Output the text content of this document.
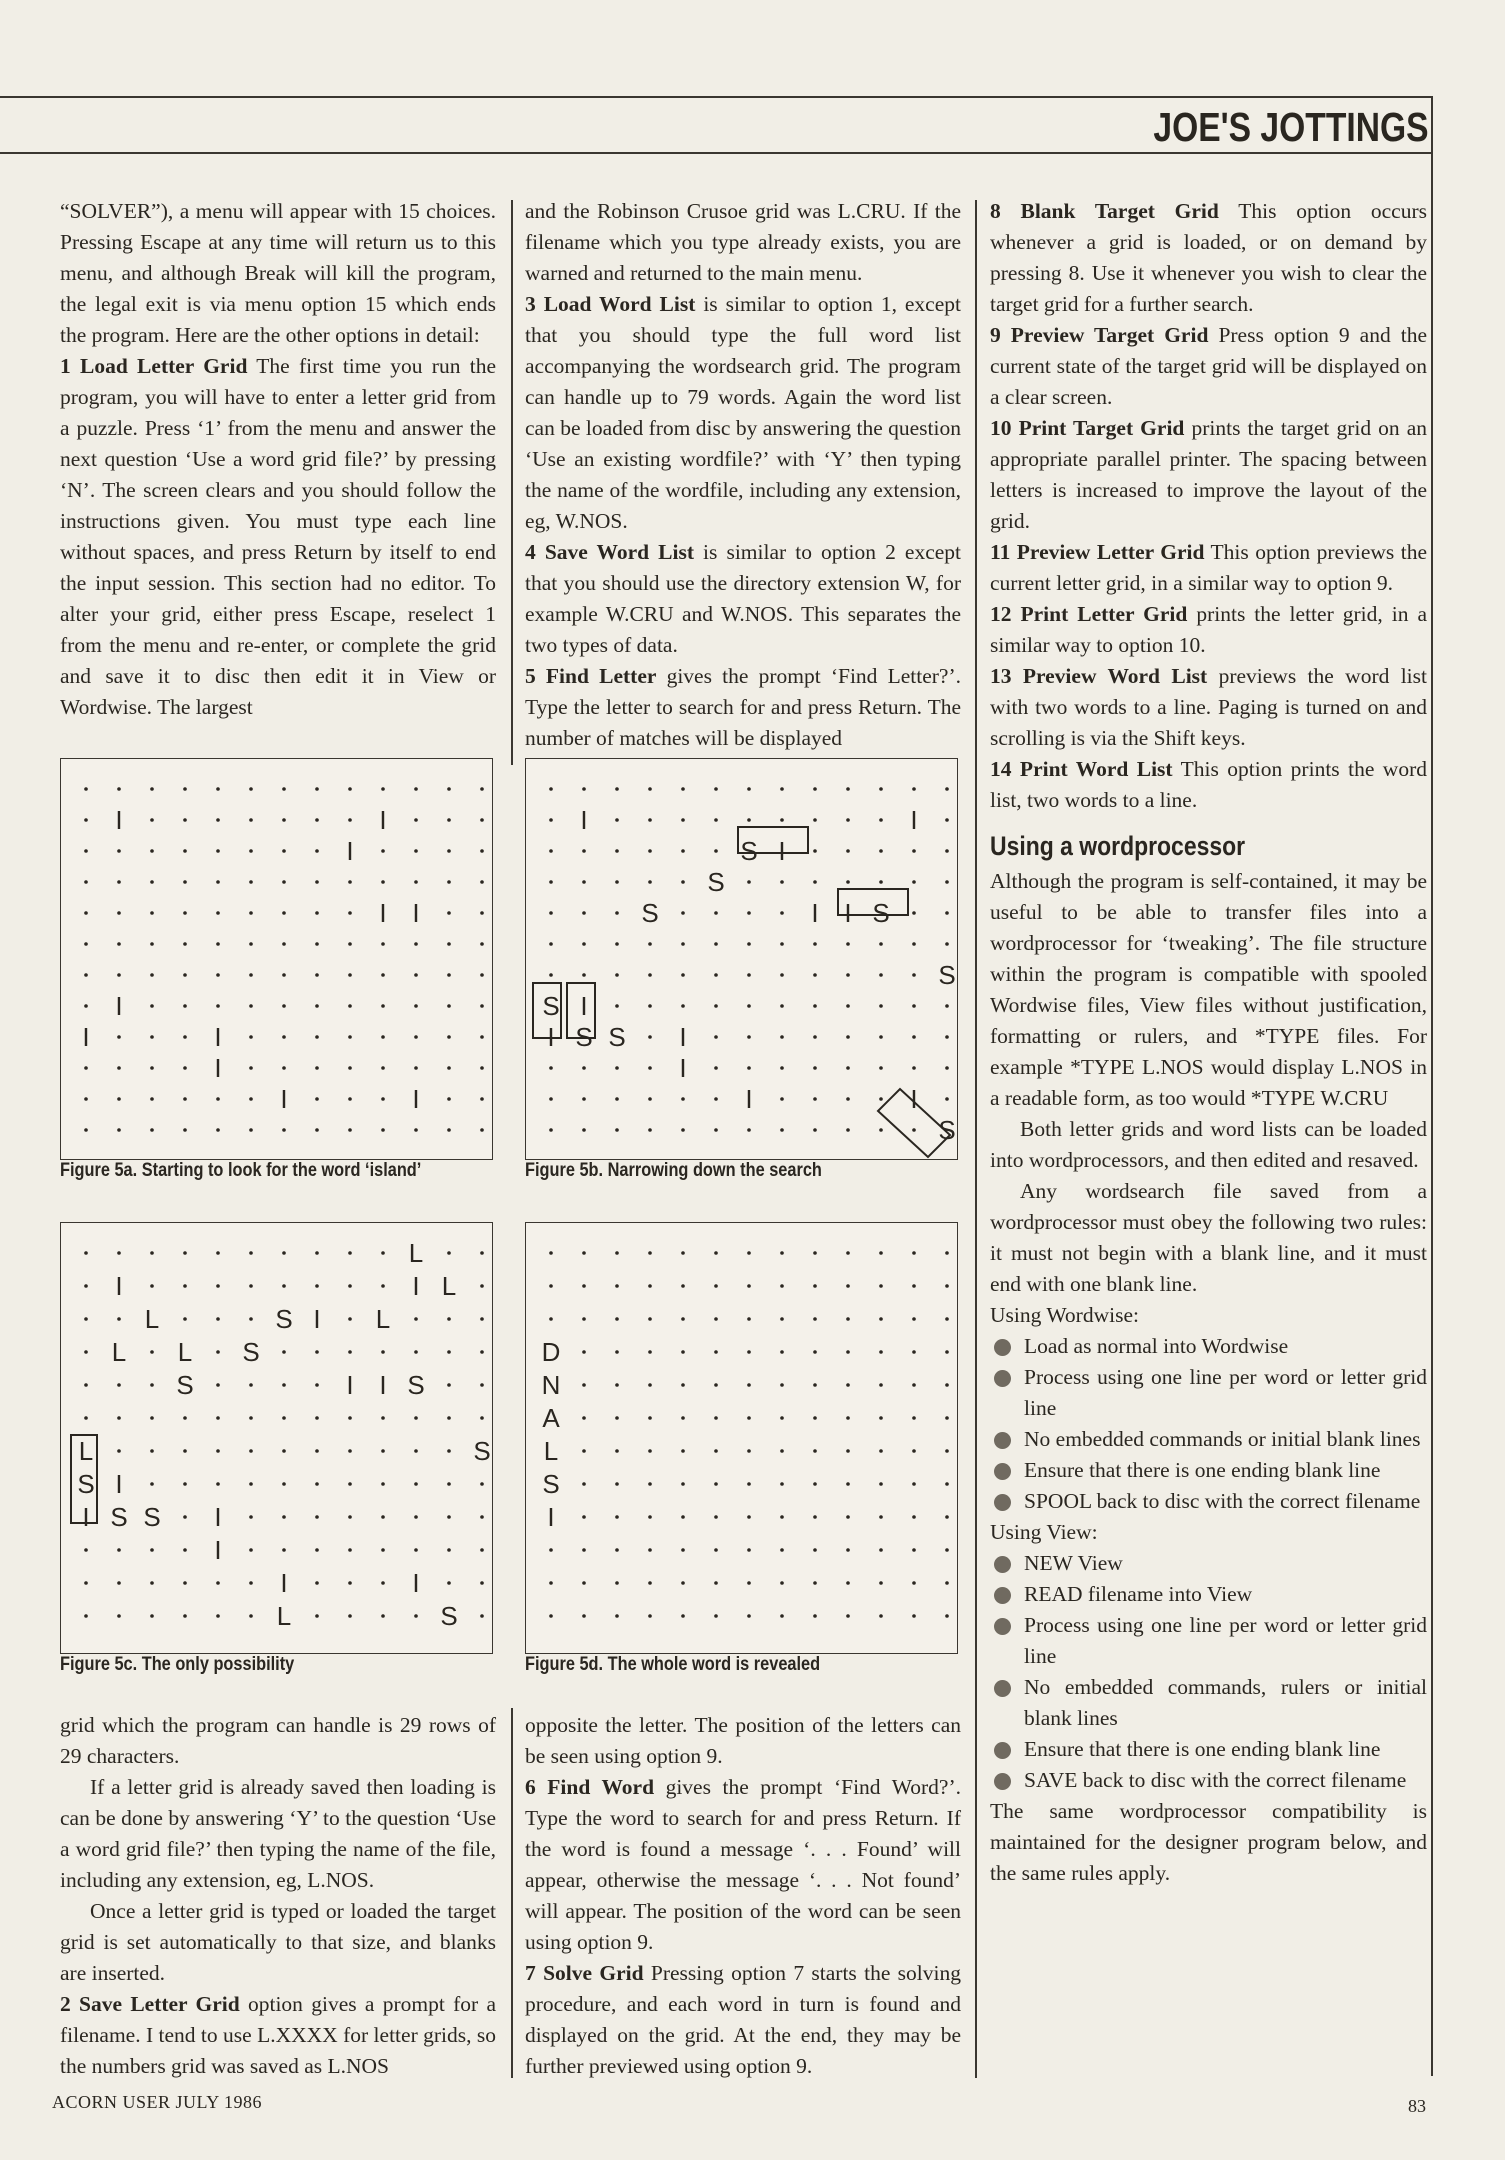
JOE'S JOTTINGS

“SOLVER”), a menu will appear with 15 choices. Pressing Escape at any time will return us to this menu, and although Break will kill the program, the legal exit is via menu option 15 which ends the program. Here are the other options in detail:

1 Load Letter Grid The first time you run the program, you will have to enter a letter grid from a puzzle. Press ‘1’ from the menu and answer the next question ‘Use a word grid file?’ by pressing ‘N’. The screen clears and you should follow the instructions given. You must type each line without spaces, and press Return by itself to end the input session. This section had no editor. To alter your grid, either press Escape, reselect 1 from the menu and re-enter, or complete the grid and save it to disc then edit it in View or Wordwise. The largest

and the Robinson Crusoe grid was L.CRU. If the filename which you type already exists, you are warned and returned to the main menu.

3 Load Word List is similar to option 1, except that you should type the full word list accompanying the wordsearch grid. The program can handle up to 79 words. Again the word list can be loaded from disc by answering the question ‘Use an existing wordfile?’ with ‘Y’ then typing the name of the wordfile, including any extension, eg, W.NOS.

4 Save Word List is similar to option 2 except that you should use the directory extension W, for example W.CRU and W.NOS. This separates the two types of data.

5 Find Letter gives the prompt ‘Find Letter?’. Type the letter to search for and press Return. The number of matches will be displayed

8 Blank Target Grid This option occurs whenever a grid is loaded, or on demand by pressing 8. Use it whenever you wish to clear the target grid for a further search.

9 Preview Target Grid Press option 9 and the current state of the target grid will be displayed on a clear screen.

10 Print Target Grid prints the target grid on an appropriate parallel printer. The spacing between letters is increased to improve the layout of the grid.

11 Preview Letter Grid This option previews the current letter grid, in a similar way to option 9.

12 Print Letter Grid prints the letter grid, in a similar way to option 10.

13 Preview Word List previews the word list with two words to a line. Paging is turned on and scrolling is via the Shift keys.

14 Print Word List This option prints the word list, two words to a line.

Using a wordprocessor

Although the program is self-contained, it may be useful to be able to transfer files into a wordprocessor for ‘tweaking’. The file structure within the program is compatible with spooled Wordwise files, View files without justification, formatting or rulers, and *TYPE files. For example *TYPE L.NOS would display L.NOS in a readable form, as too would *TYPE W.CRU

Both letter grids and word lists can be loaded into wordprocessors, and then edited and resaved.

Any wordsearch file saved from a wordprocessor must obey the following two rules: it must not begin with a blank line, and it must end with one blank line.

Using Wordwise:

Load as normal into Wordwise

Process using one line per word or letter grid line

No embedded commands or initial blank lines

Ensure that there is one ending blank line

SPOOL back to disc with the correct filename

Using View:

NEW View

READ filename into View

Process using one line per word or letter grid line

No embedded commands, rulers or initial blank lines

Ensure that there is one ending blank line

SAVE back to disc with the correct filename

The same wordprocessor compatibility is maintained for the designer program below, and the same rules apply.

I	I
I
I I
I
I	I
I
I	I
Figure 5a. Starting to look for the word ‘island’
I	I
S I
S
S	I I S
S
S I
I S S I
I
I	I
S
Figure 5b. Narrowing down the search
L
I	I L
L	S I L
L L S
S	I I S
L	S
S I
I S S I
I
I	I
L	S
Figure 5c. The only possibility
D
N
A
L
S
I
Figure 5d. The whole word is revealed

grid which the program can handle is 29 rows of 29 characters.

If a letter grid is already saved then loading is can be done by answering ‘Y’ to the question ‘Use a word grid file?’ then typing the name of the file, including any extension, eg, L.NOS.

Once a letter grid is typed or loaded the target grid is set automatically to that size, and blanks are inserted.

2 Save Letter Grid option gives a prompt for a filename. I tend to use L.XXXX for letter grids, so the numbers grid was saved as L.NOS

opposite the letter. The position of the letters can be seen using option 9.

6 Find Word gives the prompt ‘Find Word?’. Type the word to search for and press Return. If the word is found a message ‘. . . Found’ will appear, otherwise the message ‘. . . Not found’ will appear. The position of the word can be seen using option 9.

7 Solve Grid Pressing option 7 starts the solving procedure, and each word in turn is found and displayed on the grid. At the end, they may be further previewed using option 9.

ACORN USER JULY 1986	83
